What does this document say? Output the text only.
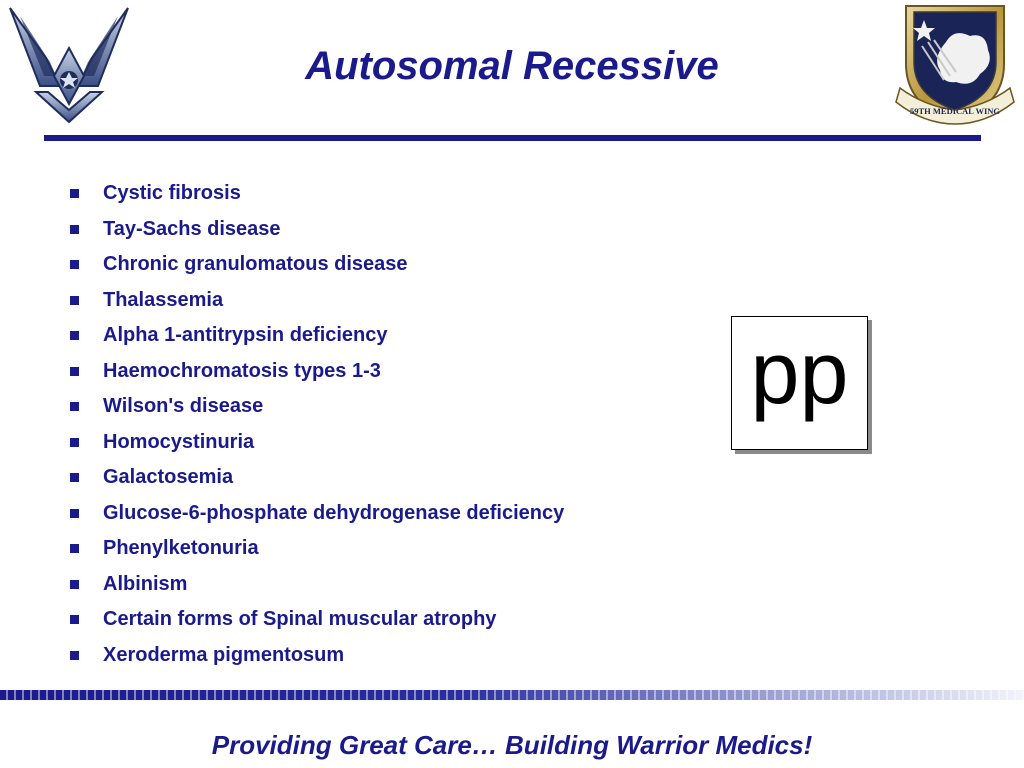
59TH MEDICAL WING
Autosomal Recessive
Cystic fibrosis
Tay-Sachs disease
Chronic granulomatous disease
Thalassemia
Alpha 1-antitrypsin deficiency
Haemochromatosis types 1-3
Wilson's disease
Homocystinuria
Galactosemia
Glucose-6-phosphate dehydrogenase deficiency
Phenylketonuria
Albinism
Certain forms of Spinal muscular atrophy
Xeroderma pigmentosum
pp
Providing Great Care… Building Warrior Medics!
